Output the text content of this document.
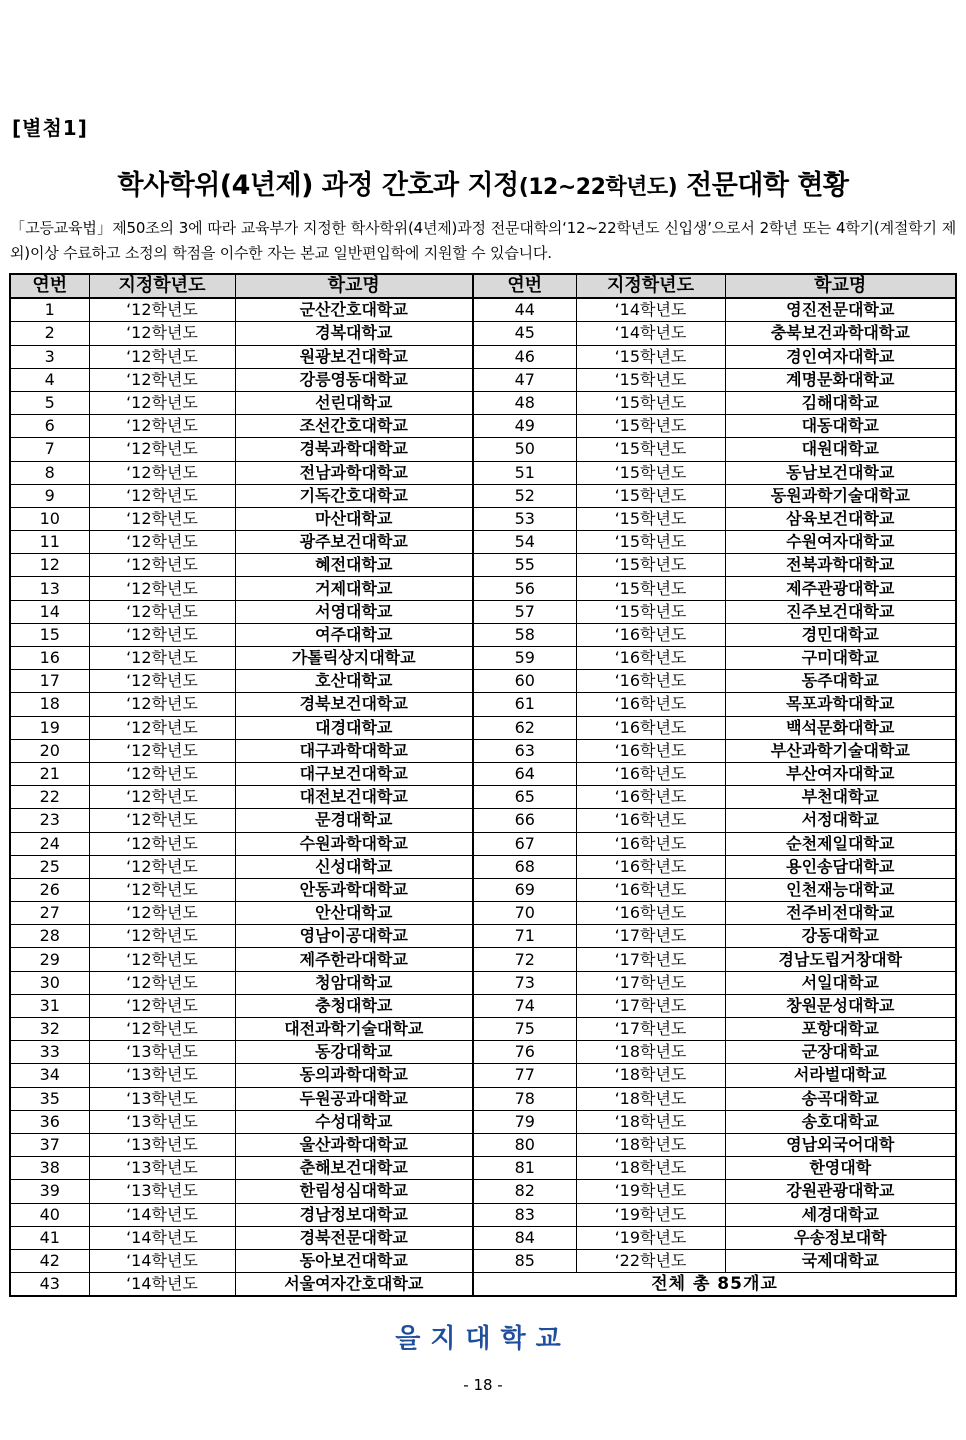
[별첨1]
학사학위(4년제) 과정 간호과 지정(12~22학년도) 전문대학 현황
「고등교육법」제50조의 3에 따라 교육부가 지정한 학사학위(4년제)과정 전문대학의‘12~22학년도 신입생’으로서 2학년 또는 4학기(계절학기 제외)이상 수료하고 소정의 학점을 이수한 자는 본교 일반편입학에 지원할 수 있습니다.
연번	지정학년도	학교명	연번	지정학년도	학교명
1	‘12학년도	군산간호대학교	44	‘14학년도	영진전문대학교
2	‘12학년도	경복대학교	45	‘14학년도	충북보건과학대학교
3	‘12학년도	원광보건대학교	46	‘15학년도	경인여자대학교
4	‘12학년도	강릉영동대학교	47	‘15학년도	계명문화대학교
5	‘12학년도	선린대학교	48	‘15학년도	김해대학교
6	‘12학년도	조선간호대학교	49	‘15학년도	대동대학교
7	‘12학년도	경북과학대학교	50	‘15학년도	대원대학교
8	‘12학년도	전남과학대학교	51	‘15학년도	동남보건대학교
9	‘12학년도	기독간호대학교	52	‘15학년도	동원과학기술대학교
10	‘12학년도	마산대학교	53	‘15학년도	삼육보건대학교
11	‘12학년도	광주보건대학교	54	‘15학년도	수원여자대학교
12	‘12학년도	혜전대학교	55	‘15학년도	전북과학대학교
13	‘12학년도	거제대학교	56	‘15학년도	제주관광대학교
14	‘12학년도	서영대학교	57	‘15학년도	진주보건대학교
15	‘12학년도	여주대학교	58	‘16학년도	경민대학교
16	‘12학년도	가톨릭상지대학교	59	‘16학년도	구미대학교
17	‘12학년도	호산대학교	60	‘16학년도	동주대학교
18	‘12학년도	경북보건대학교	61	‘16학년도	목포과학대학교
19	‘12학년도	대경대학교	62	‘16학년도	백석문화대학교
20	‘12학년도	대구과학대학교	63	‘16학년도	부산과학기술대학교
21	‘12학년도	대구보건대학교	64	‘16학년도	부산여자대학교
22	‘12학년도	대전보건대학교	65	‘16학년도	부천대학교
23	‘12학년도	문경대학교	66	‘16학년도	서정대학교
24	‘12학년도	수원과학대학교	67	‘16학년도	순천제일대학교
25	‘12학년도	신성대학교	68	‘16학년도	용인송담대학교
26	‘12학년도	안동과학대학교	69	‘16학년도	인천재능대학교
27	‘12학년도	안산대학교	70	‘16학년도	전주비전대학교
28	‘12학년도	영남이공대학교	71	‘17학년도	강동대학교
29	‘12학년도	제주한라대학교	72	‘17학년도	경남도립거창대학
30	‘12학년도	청암대학교	73	‘17학년도	서일대학교
31	‘12학년도	충청대학교	74	‘17학년도	창원문성대학교
32	‘12학년도	대전과학기술대학교	75	‘17학년도	포항대학교
33	‘13학년도	동강대학교	76	‘18학년도	군장대학교
34	‘13학년도	동의과학대학교	77	‘18학년도	서라벌대학교
35	‘13학년도	두원공과대학교	78	‘18학년도	송곡대학교
36	‘13학년도	수성대학교	79	‘18학년도	송호대학교
37	‘13학년도	울산과학대학교	80	‘18학년도	영남외국어대학
38	‘13학년도	춘해보건대학교	81	‘18학년도	한영대학
39	‘13학년도	한림성심대학교	82	‘19학년도	강원관광대학교
40	‘14학년도	경남정보대학교	83	‘19학년도	세경대학교
41	‘14학년도	경북전문대학교	84	‘19학년도	우송정보대학
42	‘14학년도	동아보건대학교	85	‘22학년도	국제대학교
43	‘14학년도	서울여자간호대학교	전체 총 85개교		
을지대학교
- 18 -
